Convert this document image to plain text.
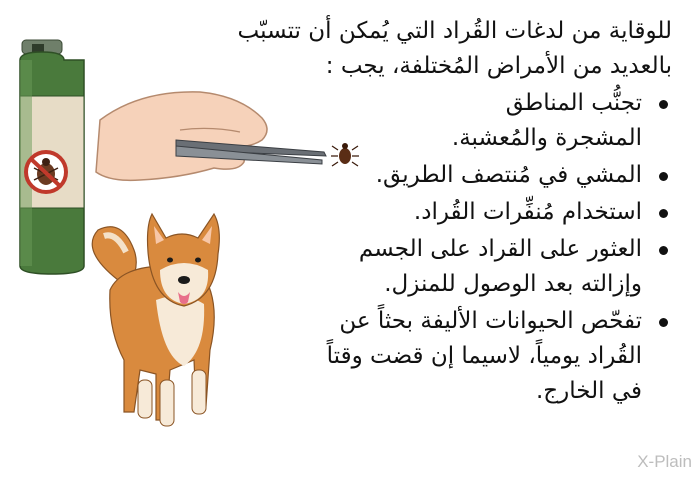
للوقاية من لدغات القُراد التي يُمكن أن تتسبّب بالعديد من الأمراض المُختلفة، يجب :

تجنُّب المناطق المشجرة والمُعشبة.
المشي في مُنتصف الطريق.
استخدام مُنفِّرات القُراد.
العثور على القراد على الجسم وإزالته بعد الوصول للمنزل.
تفحّص الحيوانات الأليفة بحثاً عن القُراد يومياً، لاسيما إن قضت وقتاً في الخارج.
X-Plain
